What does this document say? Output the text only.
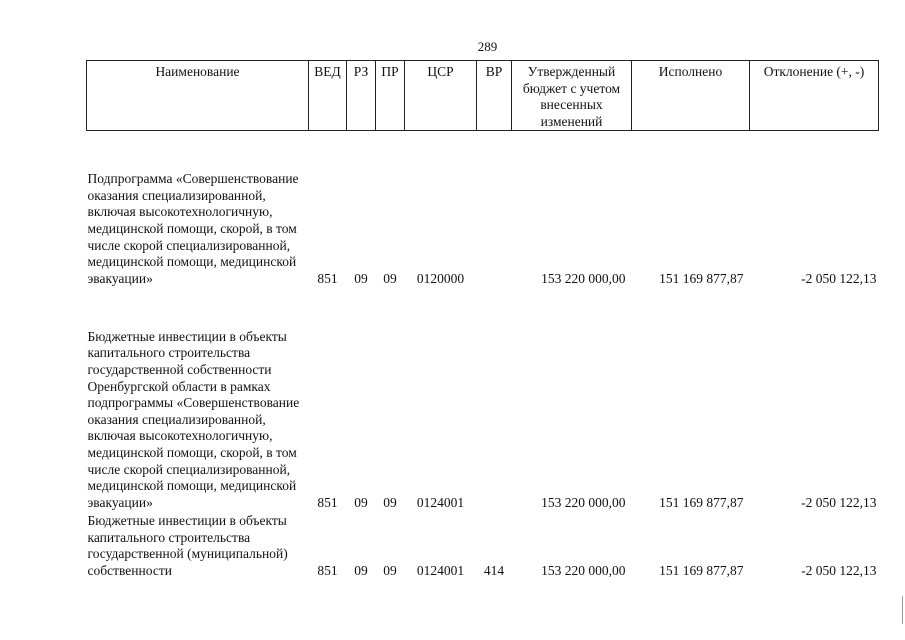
289
Наименование	ВЕД	РЗ	ПР	ЦСР	ВР	Утвержденный бюджет с учетом внесенных изменений	Исполнено	Отклонение (+, -)
Подпрограмма «Совершенствование оказания специализированной, включая высокотехнологичную, медицинской помощи, скорой, в том числе скорой специализированной, медицинской помощи, медицинской эвакуации»	851	09	09	0120000		153 220 000,00	151 169 877,87	-2 050 122,13
Бюджетные инвестиции в объекты капитального строительства государственной собственности Оренбургской области в рамках подпрограммы «Совершенствование оказания специализированной, включая высокотехнологичную, медицинской помощи, скорой, в том числе скорой специализированной, медицинской помощи, медицинской эвакуации»	851	09	09	0124001		153 220 000,00	151 169 877,87	-2 050 122,13
Бюджетные инвестиции в объекты капитального строительства государственной (муниципальной) собственности	851	09	09	0124001	414	153 220 000,00	151 169 877,87	-2 050 122,13
